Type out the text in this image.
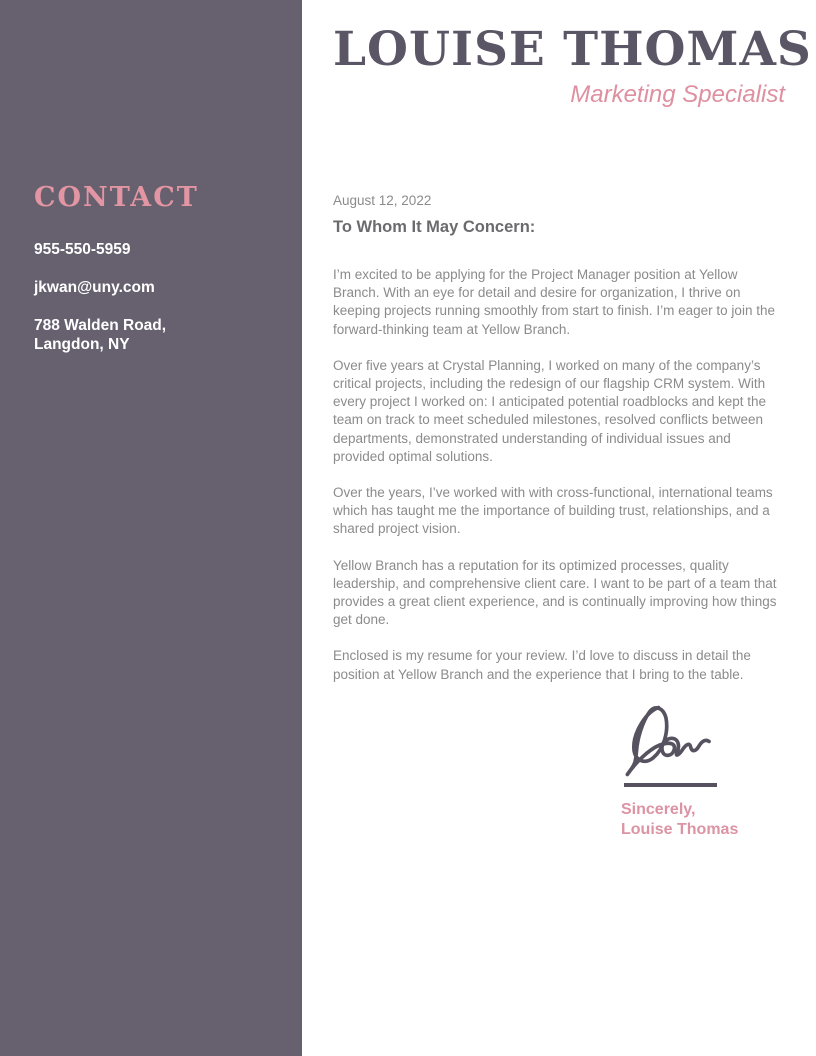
CONTACT

955-550-5959

jkwan@uny.com

788 Walden Road,
Langdon, NY

LOUISE THOMAS
Marketing Specialist
August 12, 2022
To Whom It May Concern:

I’m excited to be applying for the Project Manager position at Yellow Branch. With an eye for detail and desire for organization, I thrive on keeping projects running smoothly from start to finish. I’m eager to join the forward-thinking team at Yellow Branch.

Over five years at Crystal Planning, I worked on many of the company’s critical projects, including the redesign of our flagship CRM system. With every project I worked on: I anticipated potential roadblocks and kept the team on track to meet scheduled milestones, resolved conflicts between departments, demonstrated understanding of individual issues and provided optimal solutions.

Over the years, I’ve worked with with cross-functional, international teams which has taught me the importance of building trust, relationships, and a shared project vision.

Yellow Branch has a reputation for its optimized processes, quality leadership, and comprehensive client care. I want to be part of a team that provides a great client experience, and is continually improving how things get done.

Enclosed is my resume for your review. I’d love to discuss in detail the position at Yellow Branch and the experience that I bring to the table.

Sincerely,
Louise Thomas
